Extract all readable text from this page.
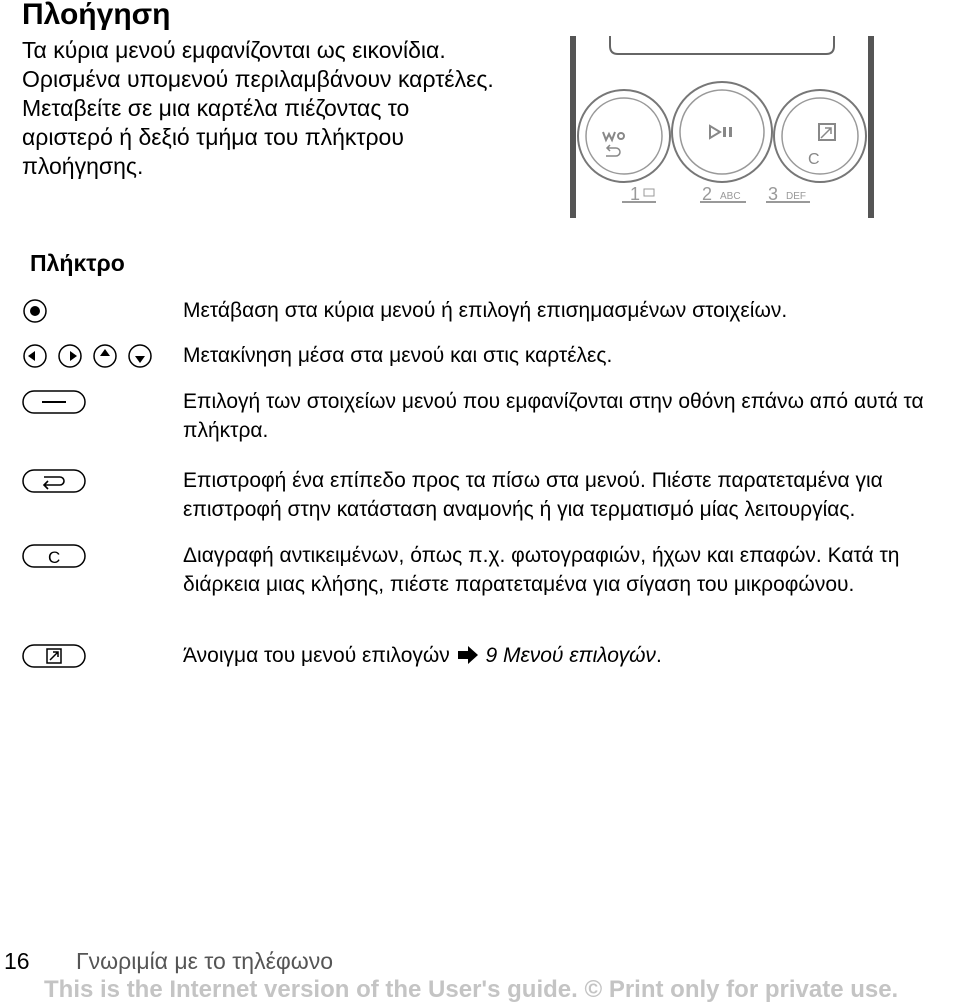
Πλοήγηση
Τα κύρια μενού εμφανίζονται ως εικονίδια. Ορισμένα υπομενού περιλαμβάνουν καρτέλες. Μεταβείτε σε μια καρτέλα πιέζοντας το αριστερό ή δεξιό τμήμα του πλήκτρου πλοήγησης.	C
1	2 ABC 3 DEF
Πλήκτρο
Μετάβαση στα κύρια μενού ή επιλογή επισημασμένων στοιχείων.
Μετακίνηση μέσα στα μενού και στις καρτέλες.
Επιλογή των στοιχείων μενού που εμφανίζονται στην οθόνη επάνω από αυτά τα πλήκτρα.
Επιστροφή ένα επίπεδο προς τα πίσω στα μενού. Πιέστε παρατεταμένα για επιστροφή στην κατάσταση αναμονής ή για τερματισμό μίας λειτουργίας.
C	Διαγραφή αντικειμένων, όπως π.χ. φωτογραφιών, ήχων και επαφών. Κατά τη διάρκεια μιας κλήσης, πιέστε παρατεταμένα για σίγαση του μικροφώνου.
Άνοιγμα του μενού επιλογών 9 Μενού επιλογών.
16 Γνωριμία με το τηλέφωνο
This is the Internet version of the User's guide. © Print only for private use.
